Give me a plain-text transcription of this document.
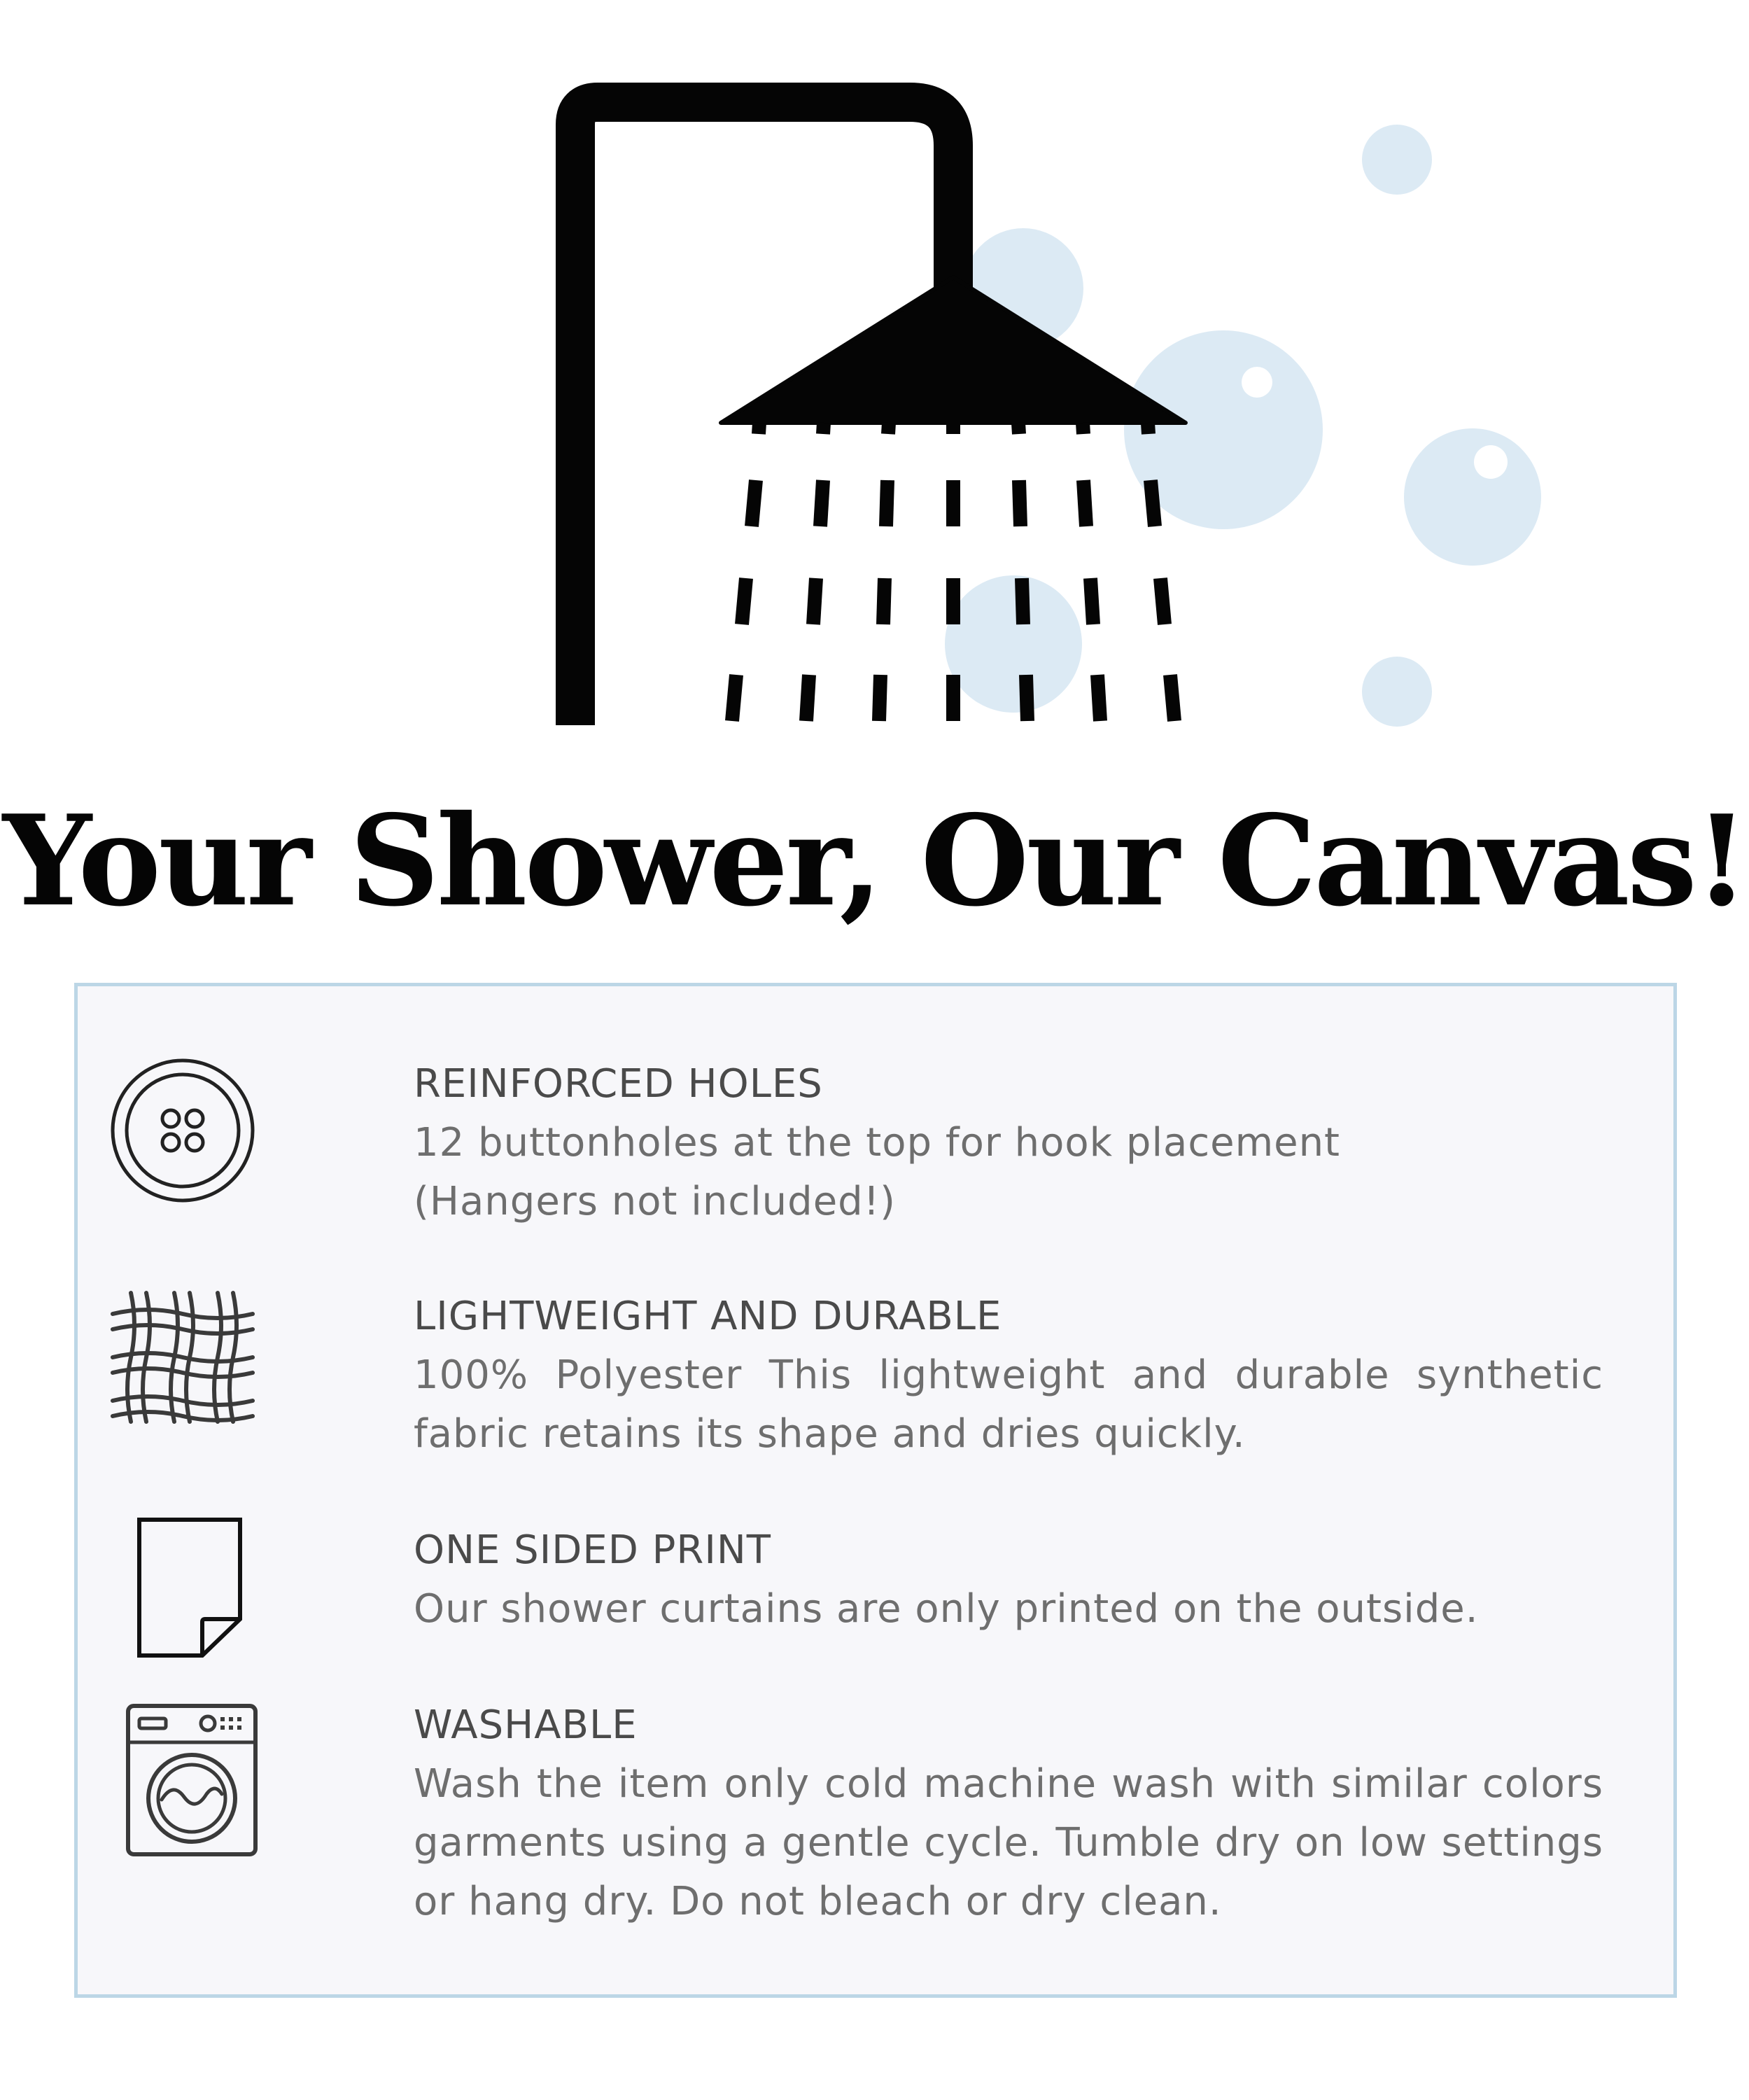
Your Shower, Our Canvas!
REINFORCED HOLES
12 buttonholes at the top for hook placement
(Hangers not included!)
LIGHTWEIGHT AND DURABLE
100% Polyester This lightweight and durable synthetic fabric retains its shape and dries quickly.
ONE SIDED PRINT
Our shower curtains are only printed on the outside.
WASHABLE
Wash the item only cold machine wash with similar colors garments using a gentle cycle. Tumble dry on low settings or hang dry. Do not bleach or dry clean.
